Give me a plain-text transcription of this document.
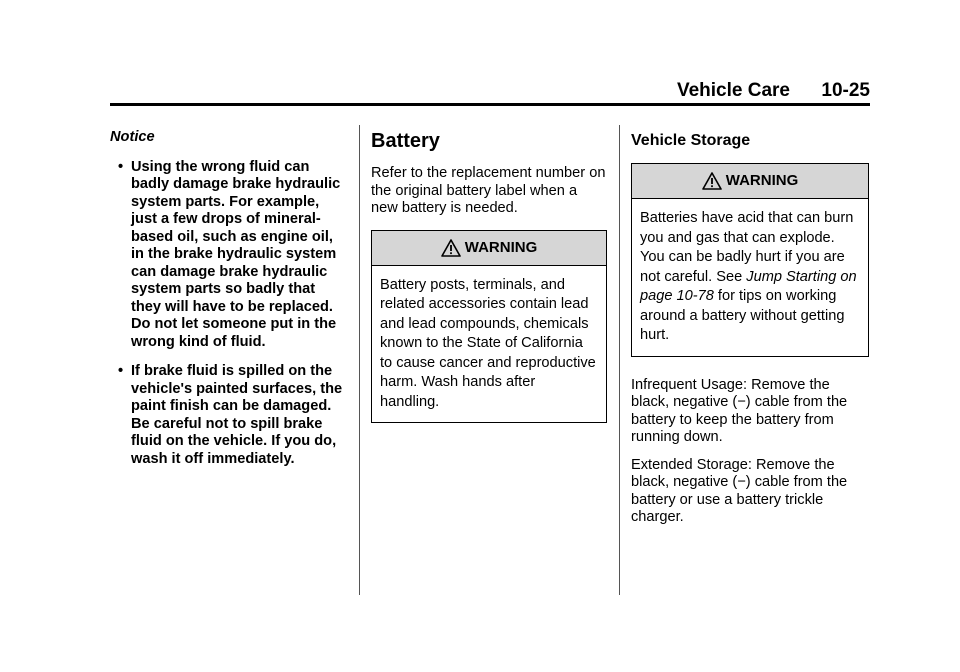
Vehicle Care 10-25
Notice
• Using the wrong fluid can badly damage brake hydraulic system parts. For example, just a few drops of mineral-based oil, such as engine oil, in the brake hydraulic system can damage brake hydraulic system parts so badly that they will have to be replaced. Do not let someone put in the wrong kind of fluid.
• If brake fluid is spilled on the vehicle's painted surfaces, the paint finish can be damaged. Be careful not to spill brake fluid on the vehicle. If you do, wash it off immediately.
Battery

Refer to the replacement number on the original battery label when a new battery is needed.

WARNING
Battery posts, terminals, and related accessories contain lead and lead compounds, chemicals known to the State of California to cause cancer and reproductive harm. Wash hands after handling.
Vehicle Storage
WARNING
Batteries have acid that can burn you and gas that can explode. You can be badly hurt if you are not careful. See Jump Starting on page 10-78 for tips on working around a battery without getting hurt.

Infrequent Usage: Remove the black, negative (−) cable from the battery to keep the battery from running down.

Extended Storage: Remove the black, negative (−) cable from the battery or use a battery trickle charger.
